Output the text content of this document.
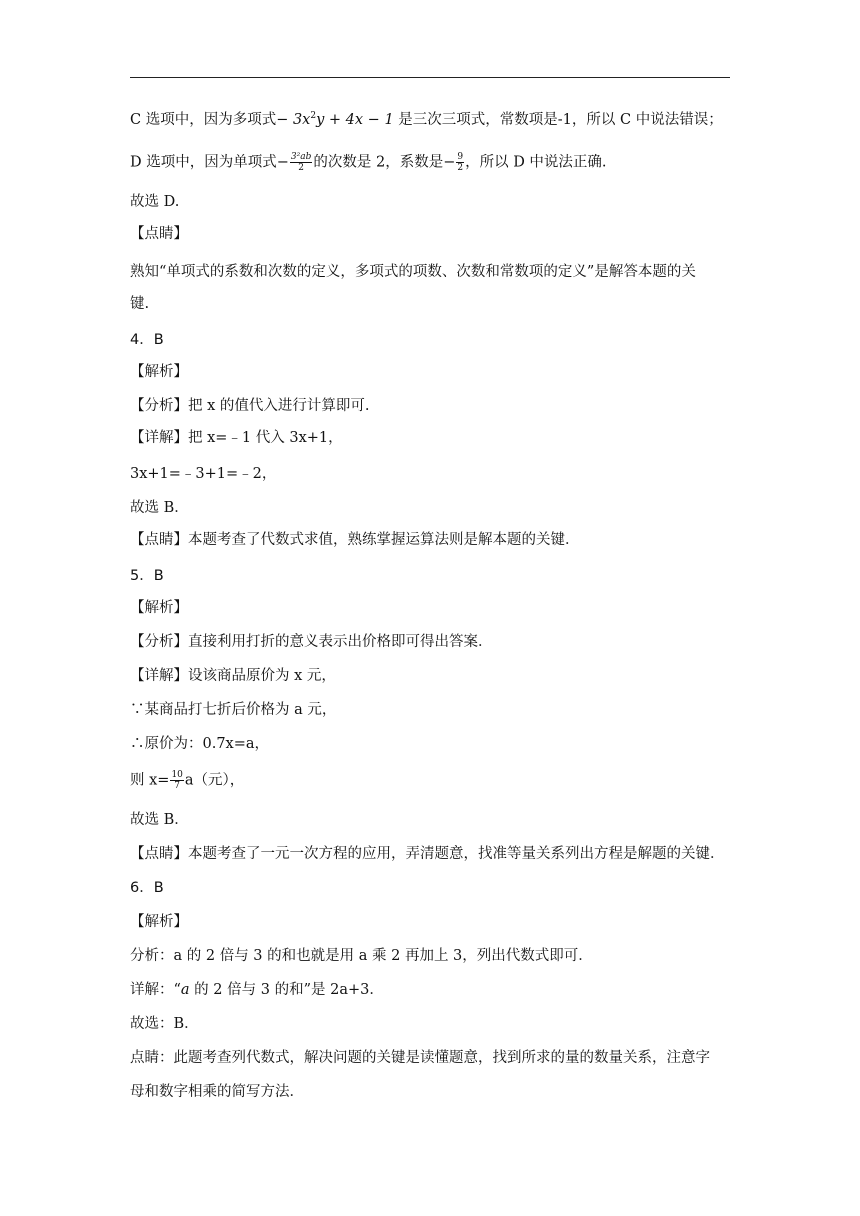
C 选项中，因为多项式− $3x^2y + 4x - 1$ 是三次三项式，常数项是-1，所以 C 中说法错误；
D 选项中，因为单项式− $\frac{\text{3²ab}}{2}$ 的次数是 2，系数是− $\frac{9}{2}$ ，所以 D 中说法正确.
故选 D.
【点睛】
熟知“单项式的系数和次数的定义，多项式的项数、次数和常数项的定义”是解答本题的关
键.
4．B
【解析】
【分析】把 x 的值代入进行计算即可.
【详解】把 x=﹣1 代入 3x+1，
3x+1=﹣3+1=﹣2，
故选 B．
【点睛】本题考查了代数式求值，熟练掌握运算法则是解本题的关键．
5．B
【解析】
【分析】直接利用打折的意义表示出价格即可得出答案．
【详解】设该商品原价为 x 元，
∵某商品打七折后价格为 a 元，
∴原价为：0.7x=a，
则 $x= \frac{10}{7} a$（元），
故选 B．
【点睛】本题考查了一元一次方程的应用，弄清题意，找准等量关系列出方程是解题的关键．
6．B
【解析】
分析：a 的 2 倍与 3 的和也就是用 a 乘 2 再加上 3，列出代数式即可．
详解：“a 的 2 倍与 3 的和”是 2a+3．
故选：B．
点睛：此题考查列代数式，解决问题的关键是读懂题意，找到所求的量的数量关系，注意字
母和数字相乘的简写方法．
